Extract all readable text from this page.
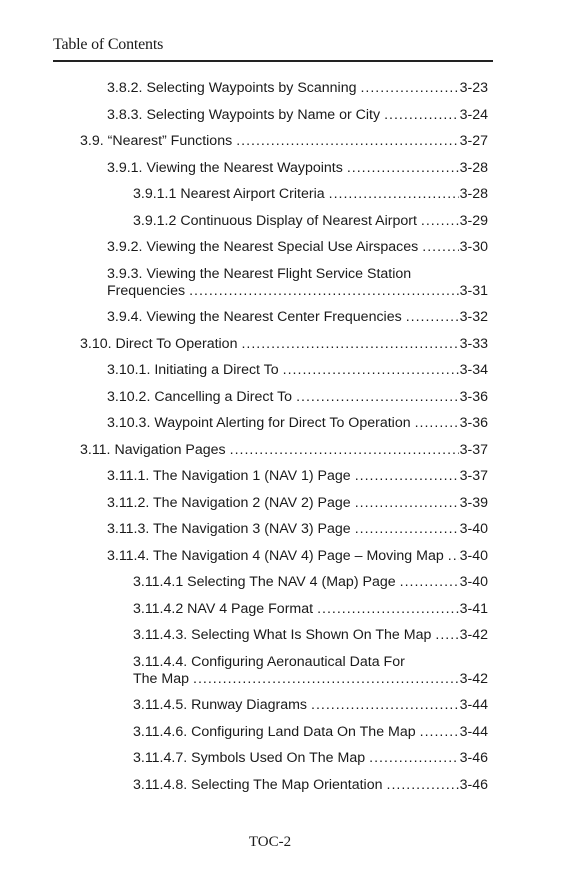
Table of Contents
3.8.2. Selecting Waypoints by Scanning .....	3-23
3.8.3. Selecting Waypoints by Name or City .....	3-24
3.9. “Nearest” Functions .....	3-27
3.9.1. Viewing the Nearest Waypoints .....	3-28
3.9.1.1 Nearest Airport Criteria .....	3-28
3.9.1.2 Continuous Display of Nearest Airport .....	3-29
3.9.2. Viewing the Nearest Special Use Airspaces .....	3-30
3.9.3. Viewing the Nearest Flight Service Station
Frequencies .....	3-31
3.9.4. Viewing the Nearest Center Frequencies .....	3-32
3.10. Direct To Operation .....	3-33
3.10.1. Initiating a Direct To .....	3-34
3.10.2. Cancelling a Direct To .....	3-36
3.10.3. Waypoint Alerting for Direct To Operation .....	3-36
3.11. Navigation Pages .....	3-37
3.11.1. The Navigation 1 (NAV 1) Page .....	3-37
3.11.2. The Navigation 2 (NAV 2) Page .....	3-39
3.11.3. The Navigation 3 (NAV 3) Page .....	3-40
3.11.4. The Navigation 4 (NAV 4) Page – Moving Map ..... 3-40
3.11.4.1 Selecting The NAV 4 (Map) Page .....	3-40
3.11.4.2 NAV 4 Page Format .....	3-41
3.11.4.3. Selecting What Is Shown On The Map ..... 3-42
3.11.4.4. Configuring Aeronautical Data For
The Map .....	3-42
3.11.4.5. Runway Diagrams .....	3-44
3.11.4.6. Configuring Land Data On The Map .....	3-44
3.11.4.7. Symbols Used On The Map .....	3-46
3.11.4.8. Selecting The Map Orientation .....	3-46
TOC-2
